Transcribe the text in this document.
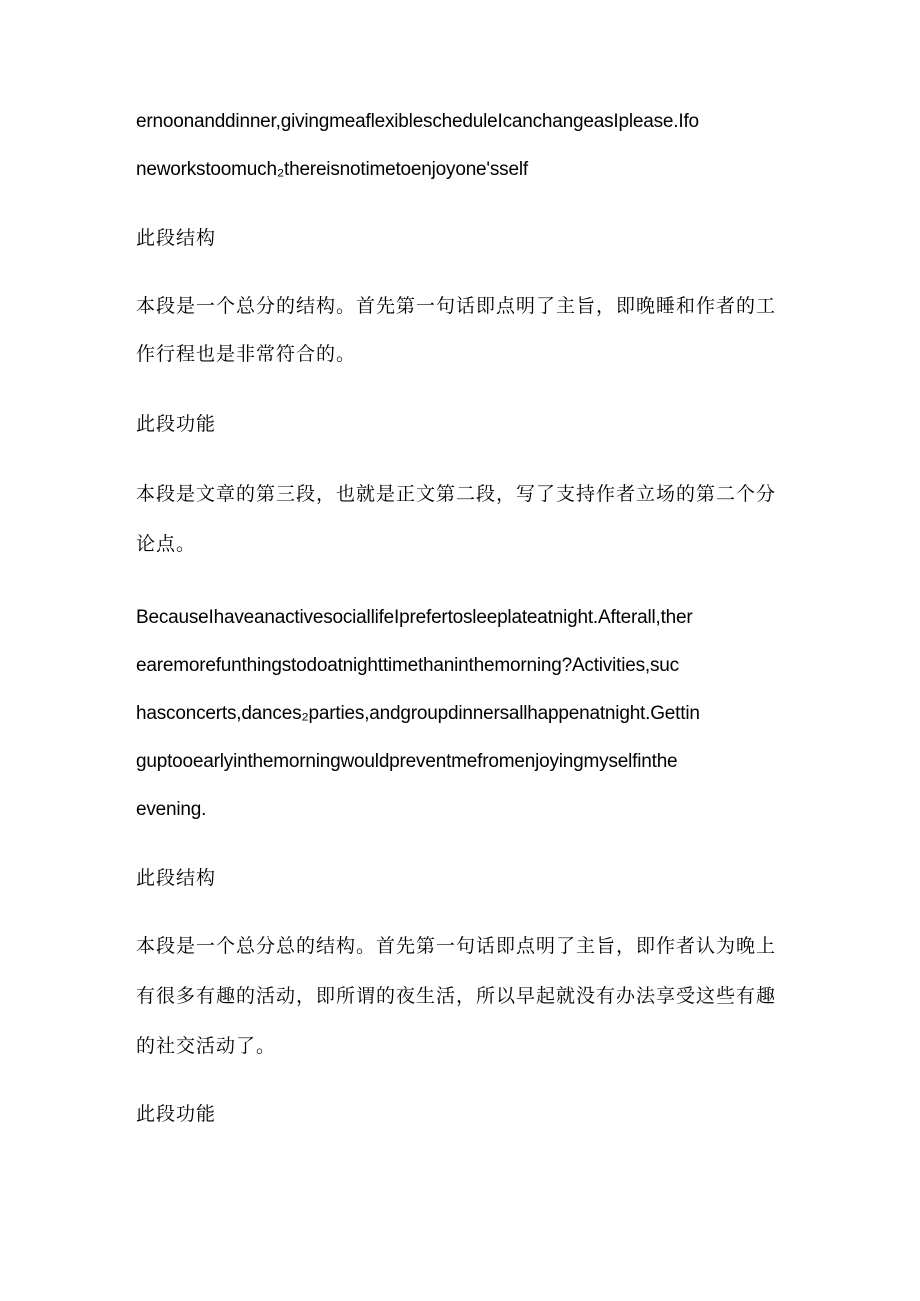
ernoonanddinner,givingmeaflexiblescheduleIcanchangeasIplease.Ifo
neworkstoomuch₂thereisnotimetoenjoyone'sself
此段结构
本段是一个总分的结构。首先第一句话即点明了主旨，即晚睡和作者的工
作行程也是非常符合的。
此段功能
本段是文章的第三段，也就是正文第二段，写了支持作者立场的第二个分
论点。
BecauseIhaveanactivesociallifeIprefertosleeplateatnight.Afterall,ther
earemorefunthingstodoatnighttimethaninthemorning?Activities,suc
hasconcerts,dances₂parties,andgroupdinnersallhappenatnight.Gettin
guptooearlyinthemorningwouldpreventmefromenjoyingmyselfinthe
evening.
此段结构
本段是一个总分总的结构。首先第一句话即点明了主旨，即作者认为晚上
有很多有趣的活动，即所谓的夜生活，所以早起就没有办法享受这些有趣
的社交活动了。
此段功能
